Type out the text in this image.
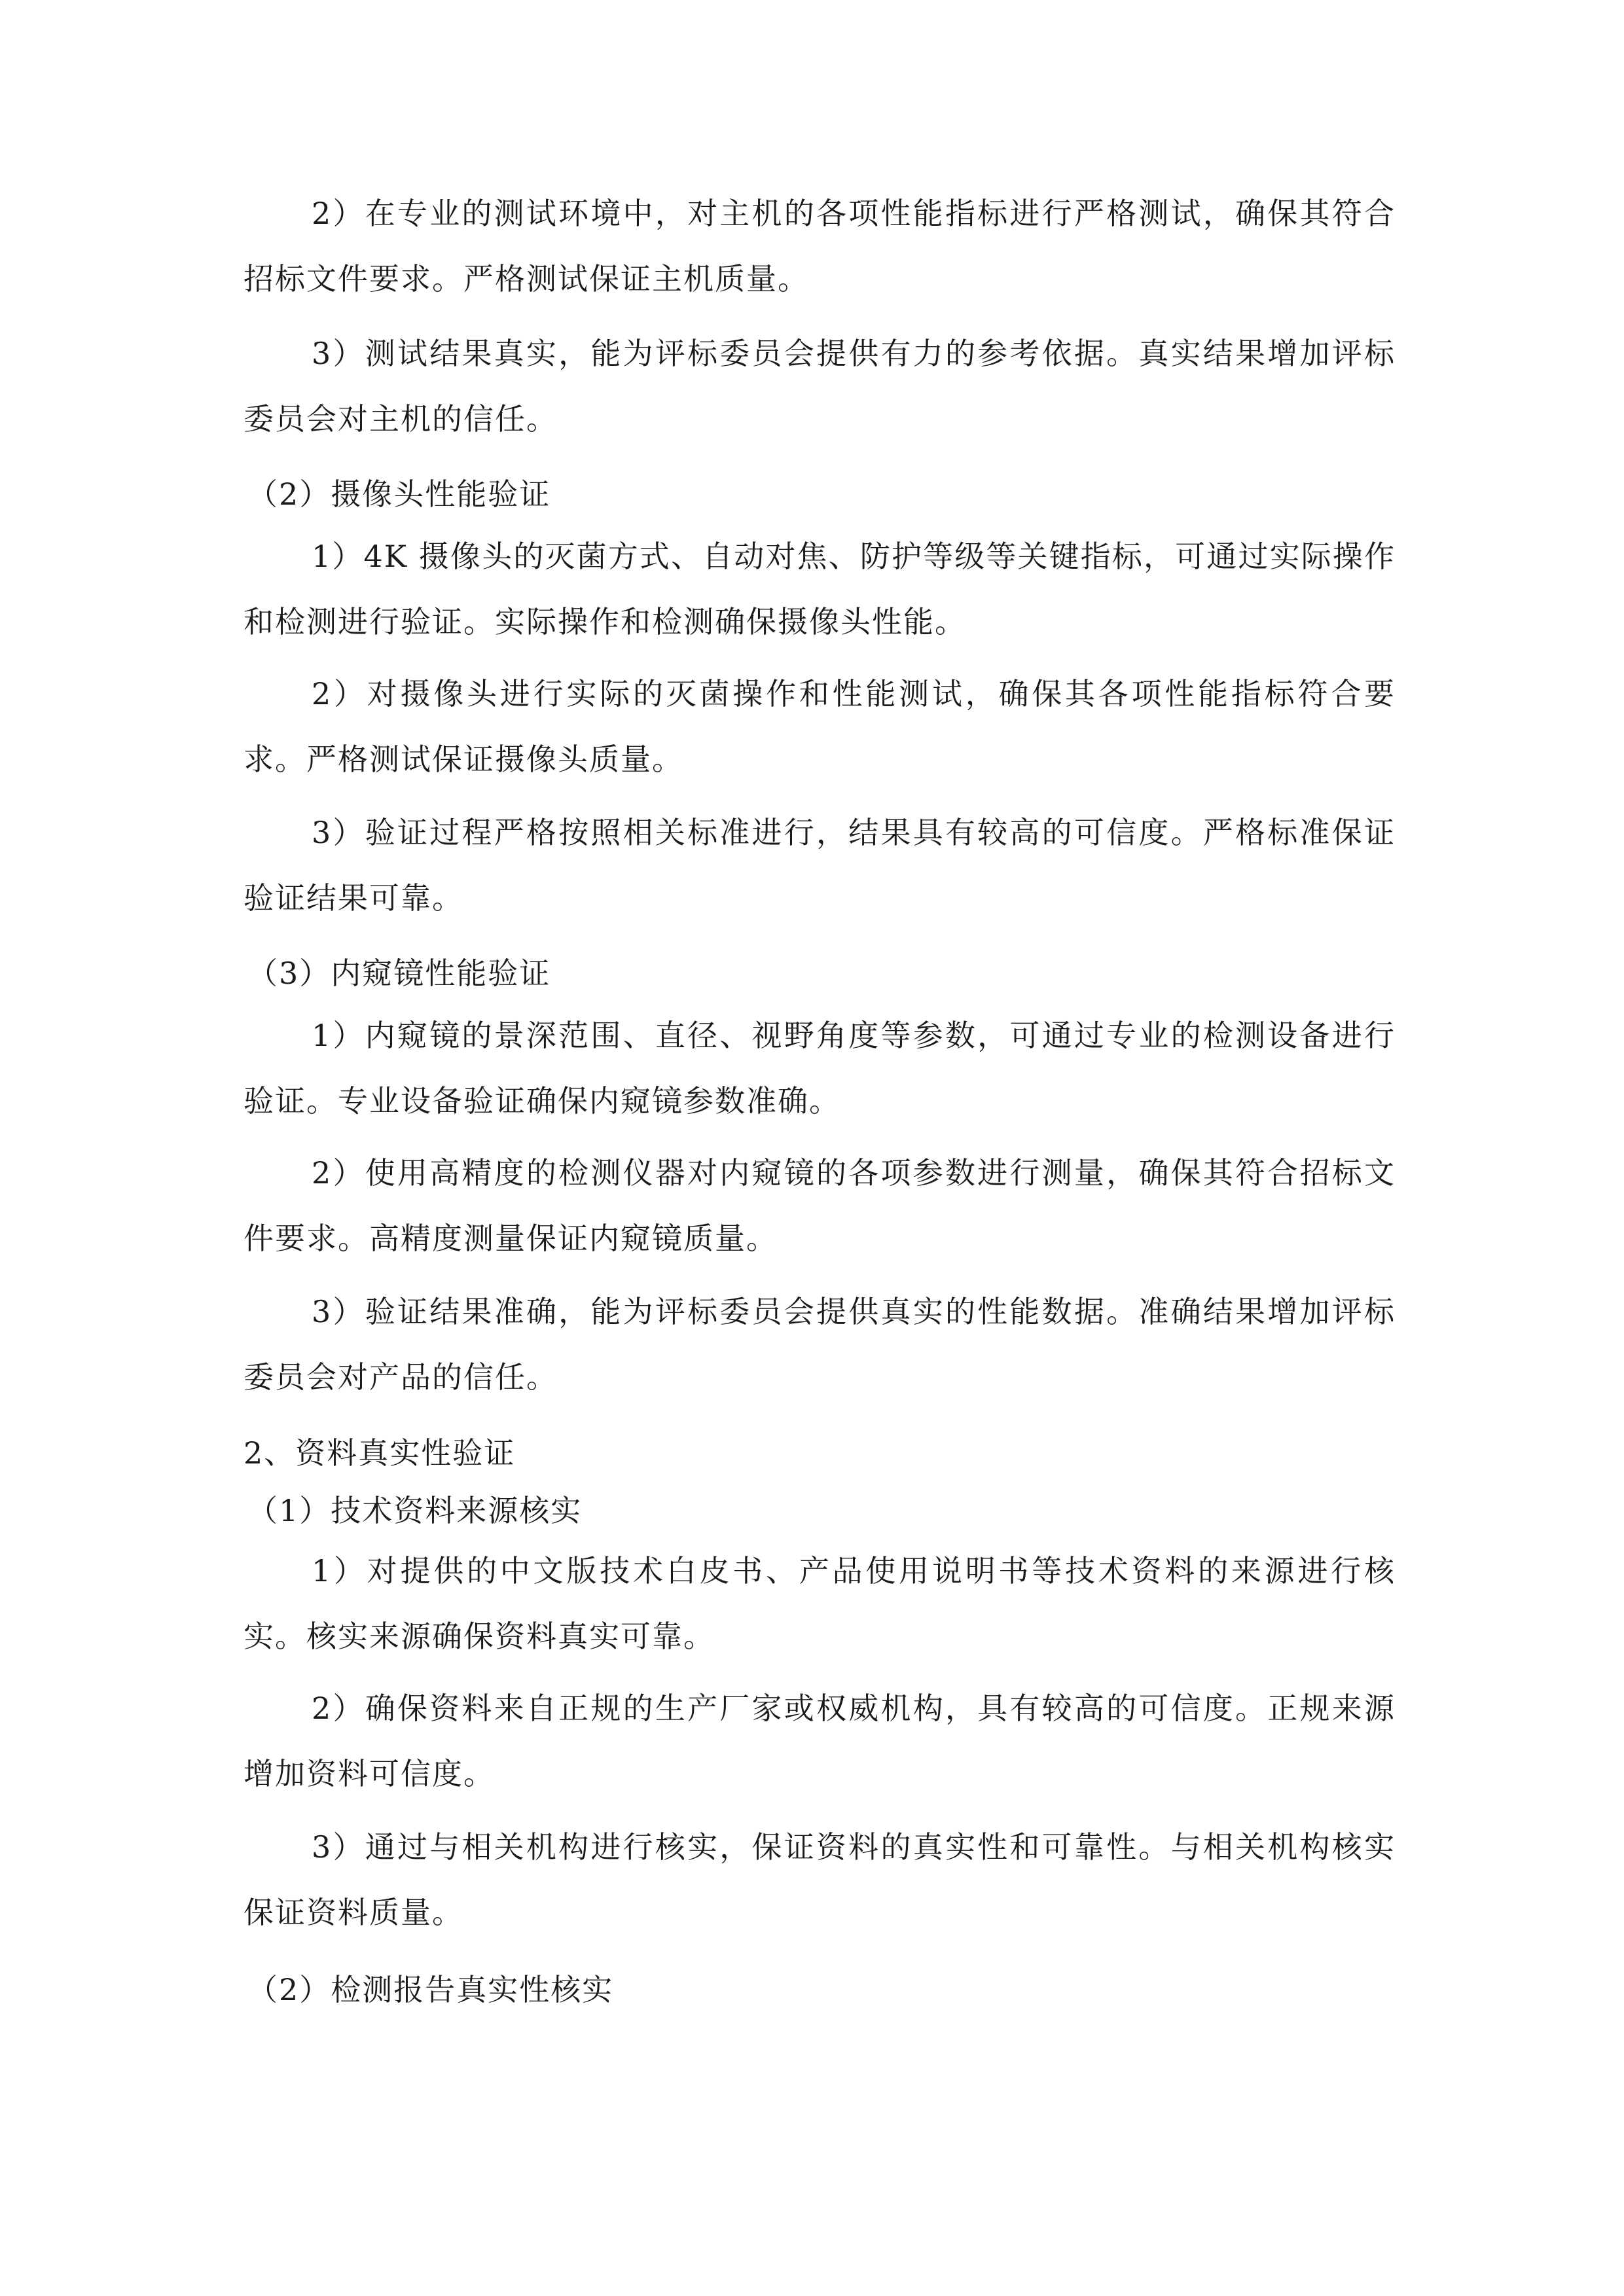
2）在专业的测试环境中，对主机的各项性能指标进行严格测试，确保其符合招标文件要求。严格测试保证主机质量。
3）测试结果真实，能为评标委员会提供有力的参考依据。真实结果增加评标委员会对主机的信任。
（2）摄像头性能验证
1）4K 摄像头的灭菌方式、自动对焦、防护等级等关键指标，可通过实际操作和检测进行验证。实际操作和检测确保摄像头性能。
2）对摄像头进行实际的灭菌操作和性能测试，确保其各项性能指标符合要求。严格测试保证摄像头质量。
3）验证过程严格按照相关标准进行，结果具有较高的可信度。严格标准保证验证结果可靠。
（3）内窥镜性能验证
1）内窥镜的景深范围、直径、视野角度等参数，可通过专业的检测设备进行验证。专业设备验证确保内窥镜参数准确。
2）使用高精度的检测仪器对内窥镜的各项参数进行测量，确保其符合招标文件要求。高精度测量保证内窥镜质量。
3）验证结果准确，能为评标委员会提供真实的性能数据。准确结果增加评标委员会对产品的信任。
2、资料真实性验证
（1）技术资料来源核实
1）对提供的中文版技术白皮书、产品使用说明书等技术资料的来源进行核实。核实来源确保资料真实可靠。
2）确保资料来自正规的生产厂家或权威机构，具有较高的可信度。正规来源增加资料可信度。
3）通过与相关机构进行核实，保证资料的真实性和可靠性。与相关机构核实保证资料质量。
（2）检测报告真实性核实
